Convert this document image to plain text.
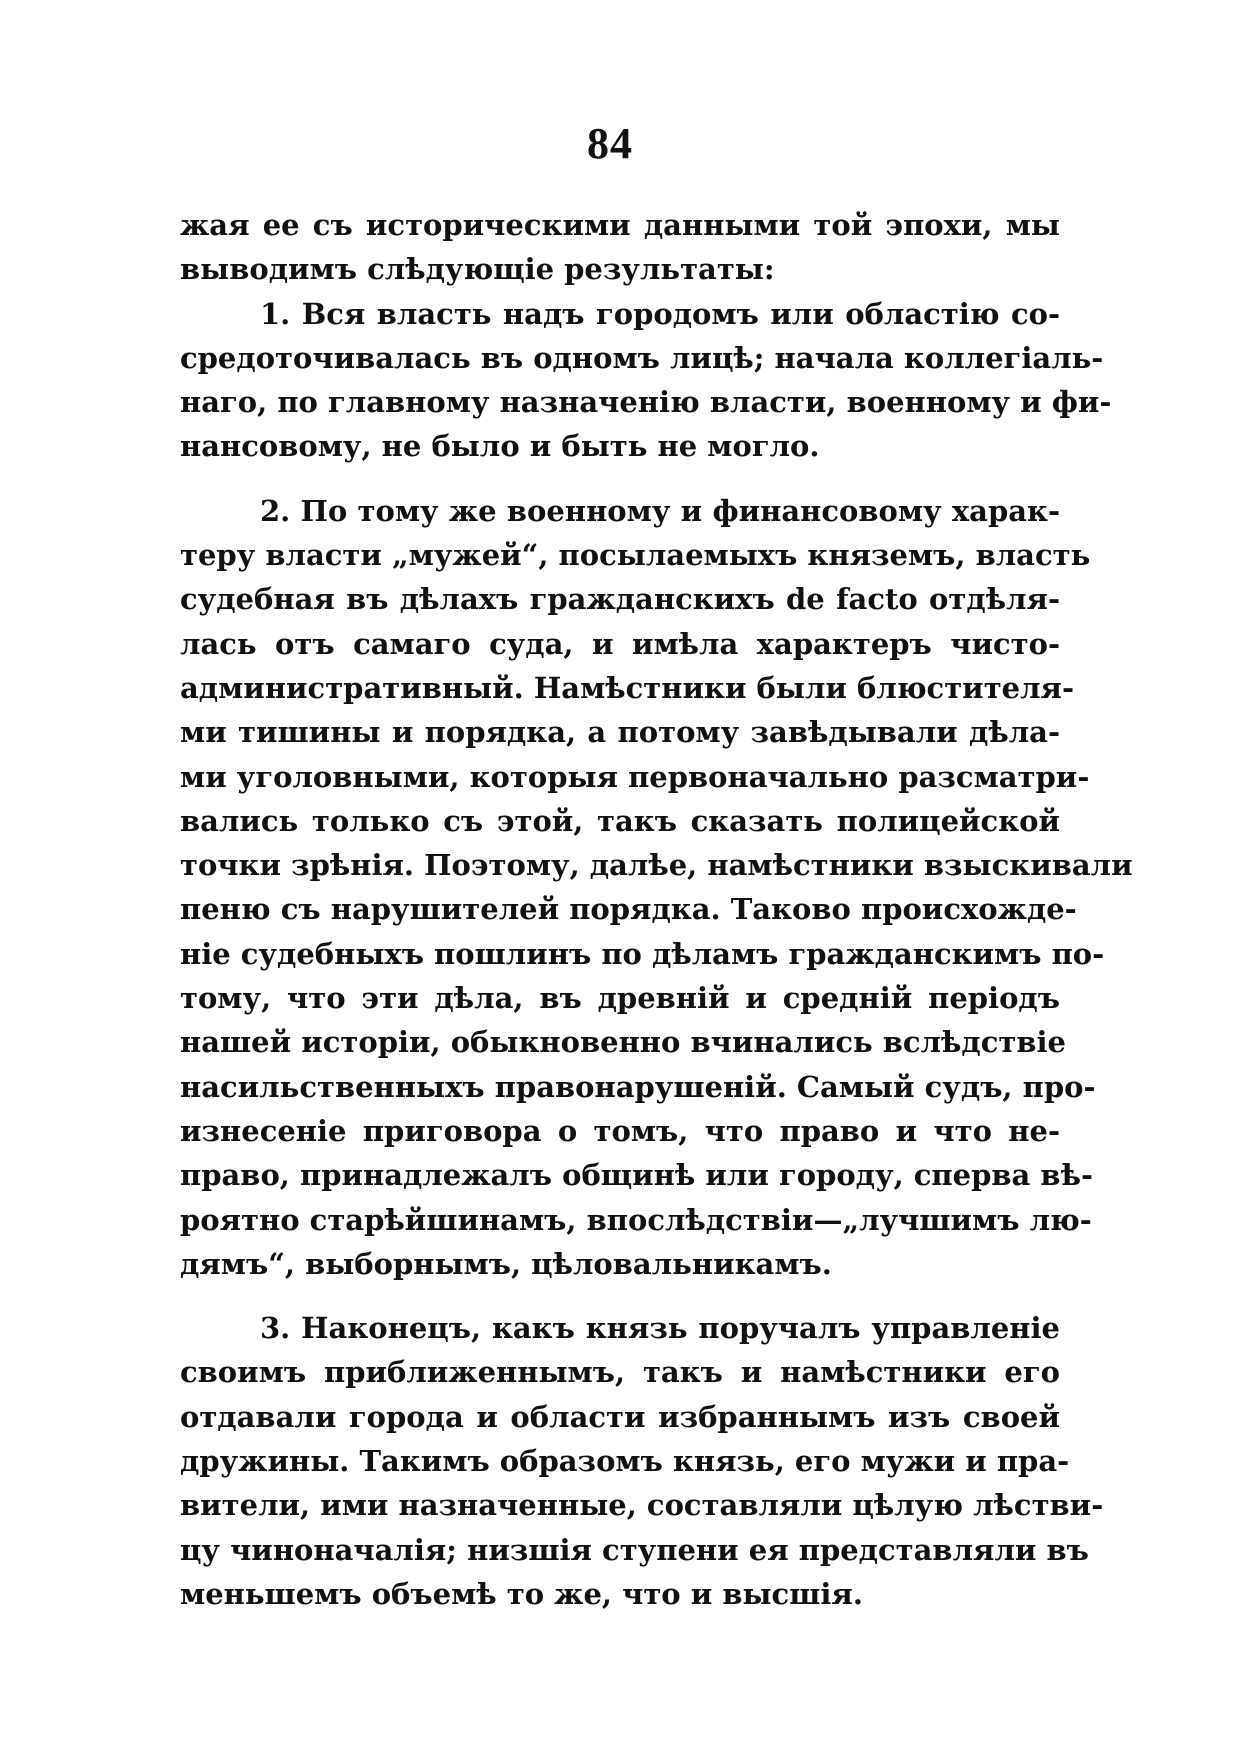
84
жая ее съ историческими данными той эпохи, мы
выводимъ слѣдующіе результаты:
1. Вся власть надъ городомъ или областію со-
средоточивалась въ одномъ лицѣ; начала коллегіаль-
наго, по главному назначенію власти, военному и фи-
нансовому, не было и быть не могло.
2. По тому же военному и финансовому харак-
теру власти „мужей“, посылаемыхъ княземъ, власть
судебная въ дѣлахъ гражданскихъ de facto отдѣля-
лась отъ самаго суда, и имѣла характеръ чисто-
административный. Намѣстники были блюстителя-
ми тишины и порядка, а потому завѣдывали дѣла-
ми уголовными, которыя первоначально разсматри-
вались только съ этой, такъ сказать полицейской
точки зрѣнія. Поэтому, далѣе, намѣстники взыскивали
пеню съ нарушителей порядка. Таково происхожде-
ніе судебныхъ пошлинъ по дѣламъ гражданскимъ по-
тому, что эти дѣла, въ древній и средній періодъ
нашей исторіи, обыкновенно вчинались вслѣдствіе
насильственныхъ правонарушеній. Самый судъ, про-
изнесеніе приговора о томъ, что право и что не-
право, принадлежалъ общинѣ или городу, сперва вѣ-
роятно старѣйшинамъ, впослѣдствіи—„лучшимъ лю-
дямъ“, выборнымъ, цѣловальникамъ.
3. Наконецъ, какъ князь поручалъ управленіе
своимъ приближеннымъ, такъ и намѣстники его
отдавали города и области избраннымъ изъ своей
дружины. Такимъ образомъ князь, его мужи и пра-
вители, ими назначенные, составляли цѣлую лѣстви-
цу чиноначалія; низшія ступени ея представляли въ
меньшемъ объемѣ то же, что и высшія.
